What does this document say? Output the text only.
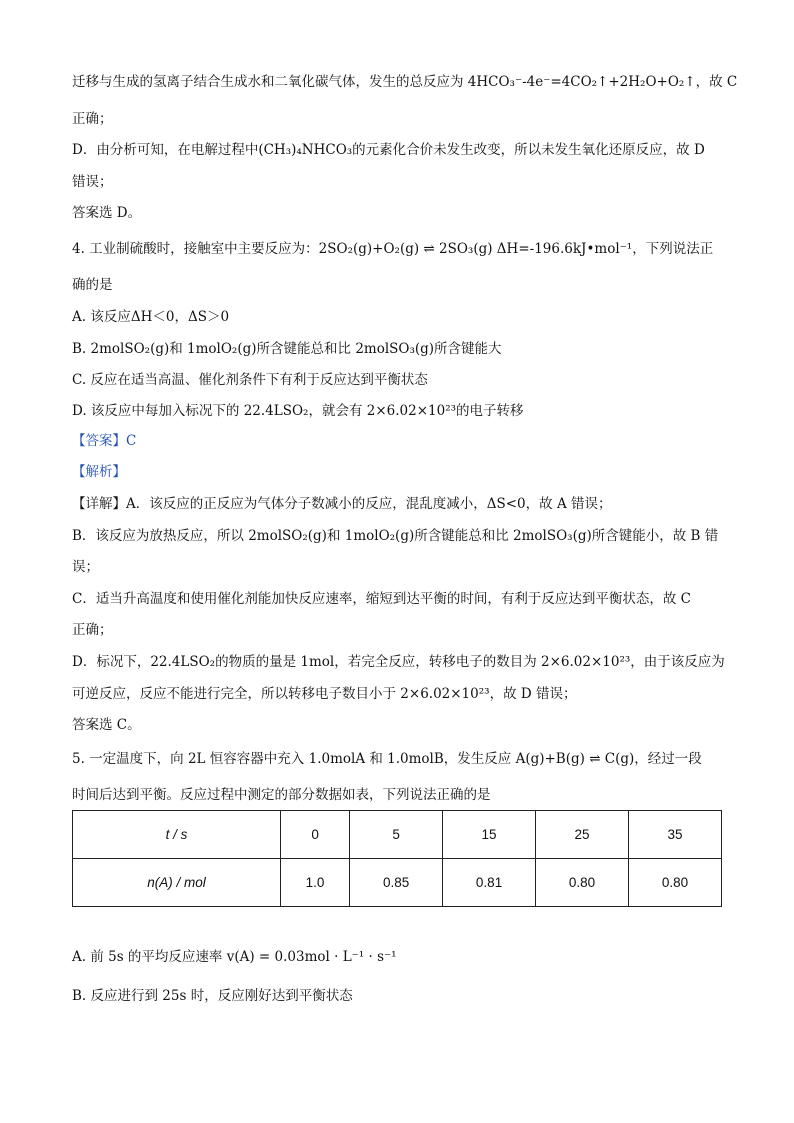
迁移与生成的氢离子结合生成水和二氧化碳气体，发生的总反应为 4HCO₃⁻-4e⁻=4CO₂↑+2H₂O+O₂↑，故 C
正确；
D．由分析可知，在电解过程中(CH₃)₄NHCO₃的元素化合价未发生改变，所以未发生氧化还原反应，故 D
错误；
答案选 D。
4. 工业制硫酸时，接触室中主要反应为：2SO₂(g)+O₂(g) ⇌ 2SO₃(g) ΔH=-196.6kJ•mol⁻¹，下列说法正
确的是
A. 该反应ΔH＜0，ΔS＞0
B. 2molSO₂(g)和 1molO₂(g)所含键能总和比 2molSO₃(g)所含键能大
C. 反应在适当高温、催化剂条件下有利于反应达到平衡状态
D. 该反应中每加入标况下的 22.4LSO₂，就会有 2×6.02×10²³的电子转移
【答案】C
【解析】
【详解】A．该反应的正反应为气体分子数减小的反应，混乱度减小，ΔS<0，故 A 错误；
B．该反应为放热反应，所以 2molSO₂(g)和 1molO₂(g)所含键能总和比 2molSO₃(g)所含键能小，故 B 错
误；
C．适当升高温度和使用催化剂能加快反应速率，缩短到达平衡的时间，有利于反应达到平衡状态，故 C
正确；
D．标况下，22.4LSO₂的物质的量是 1mol，若完全反应，转移电子的数目为 2×6.02×10²³，由于该反应为
可逆反应，反应不能进行完全，所以转移电子数目小于 2×6.02×10²³，故 D 错误；
答案选 C。
5. 一定温度下，向 2L 恒容容器中充入 1.0molA 和 1.0molB，发生反应 A(g)+B(g) ⇌ C(g)，经过一段
时间后达到平衡。反应过程中测定的部分数据如表，下列说法正确的是
t / s	0	5	15	25	35
n(A) / mol	1.0	0.85	0.81	0.80	0.80
A. 前 5s 的平均反应速率 v(A) = 0.03mol · L⁻¹ · s⁻¹
B. 反应进行到 25s 时，反应刚好达到平衡状态
